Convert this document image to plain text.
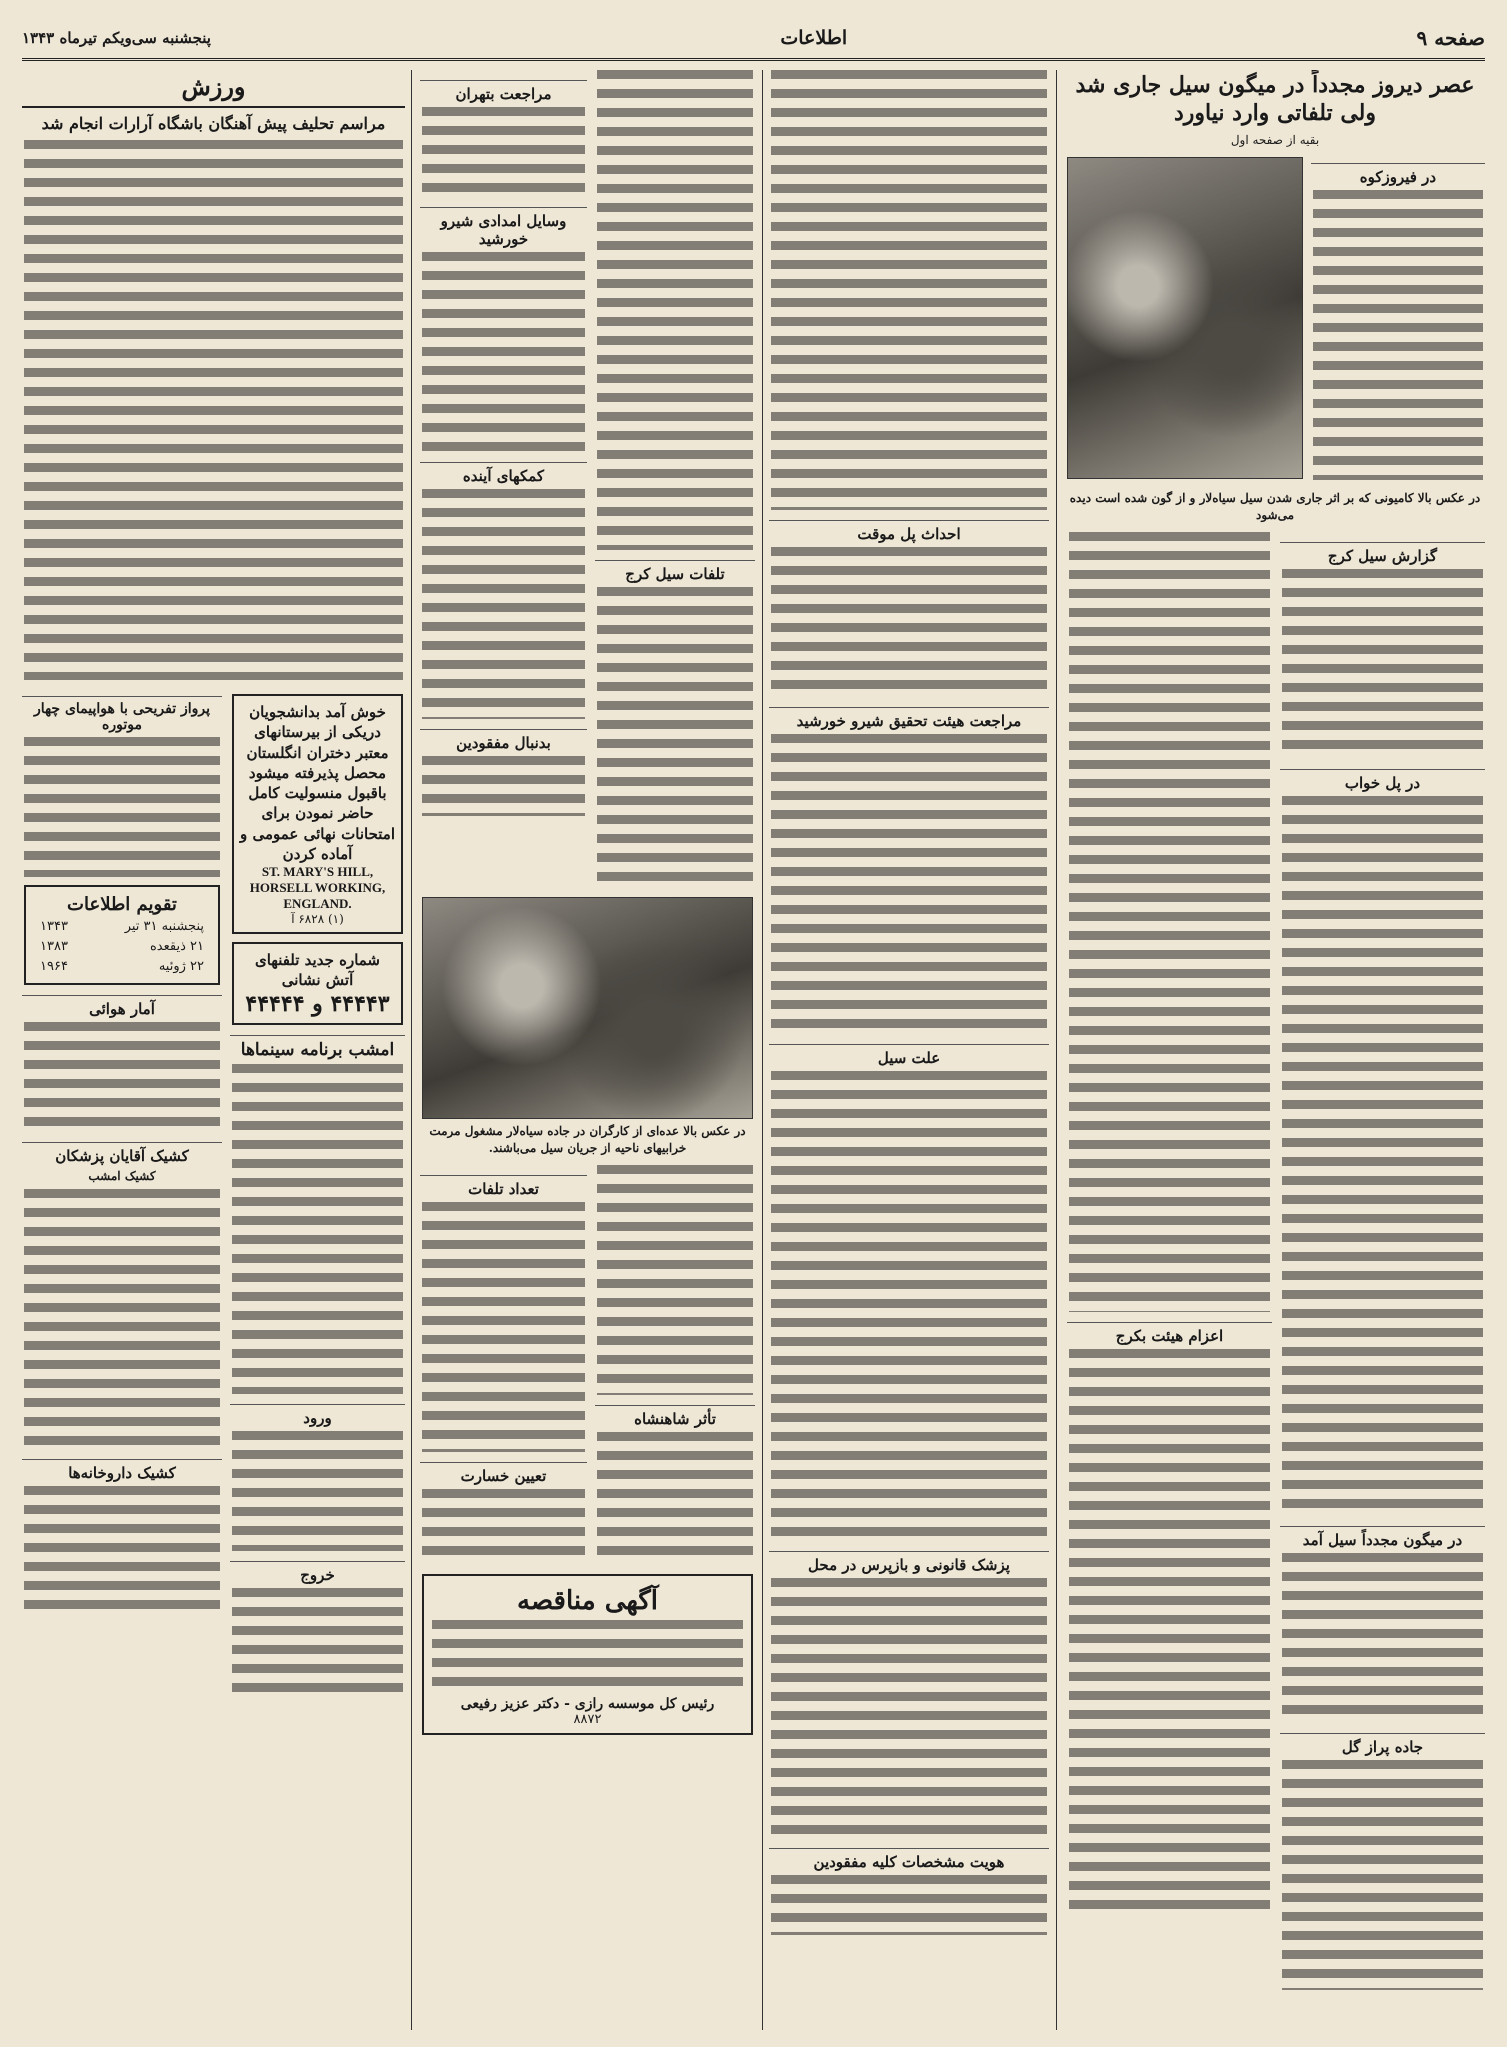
صفحه ۹
اطلاعات
پنجشنبه سی‌ویکم تیرماه ۱۳۴۳
عصر دیروز مجدداً در میگون سیل جاری شد ولی تلفاتی وارد نیاورد
بقیه از صفحه اول
در فیروزکوه
در عکس بالا کامیونی که بر اثر جاری شدن سیل سیاه‌لار و از گون شده است دیده می‌شود
گزارش سیل کرج
در پل خواب
در میگون مجدداً سیل آمد
جاده پراز گل
اعزام هیئت بکرج
احداث پل موقت
مراجعت هیئت تحقیق شیرو خورشید
علت سیل
پزشک قانونی و بازپرس در محل
هویت مشخصات کلیه مفقودین
تلفات سیل کرج
مراجعت بتهران
وسایل امدادی شیرو خورشید
کمکهای آینده
بدنبال مفقودین
در عکس بالا عده‌ای از کارگران در جاده سیاه‌لار مشغول مرمت خرابیهای ناحیه از جریان سیل می‌باشند.
تأثر شاهنشاه
تعداد تلفات
تعیین خسارت
آگهی مناقصه
رئیس کل موسسه رازی - دکتر عزیز رفیعی
۸۸۷۲
ورزش
مراسم تحلیف پیش آهنگان باشگاه آرارات انجام شد
خوش آمد بدانشجویان دریکی از بیرستانهای معتبر دختران انگلستان محصل پذیرفته میشود باقبول منسولیت کامل حاضر نمودن برای امتحانات نهائی عمومی و آماده کردن
ST. MARY'S HILL, HORSELL WORKING, ENGLAND.
(۱) ۶۸۲۸ آ
شماره جدید تلفنهای آتش نشانی
۴۴۴۴۳ و ۴۴۴۴۴
امشب برنامه سینماها
ورود
خروج
پرواز تفریحی با هواپیمای چهار موتوره
تقویم اطلاعات
پنجشنبه ۳۱ تیر
۱۳۴۳
۲۱ ذیقعده
۱۳۸۳
۲۲ ژوئیه
۱۹۶۴
آمار هوائی
کشیک آقایان پزشکان
کشیک امشب
کشیک داروخانه‌ها
